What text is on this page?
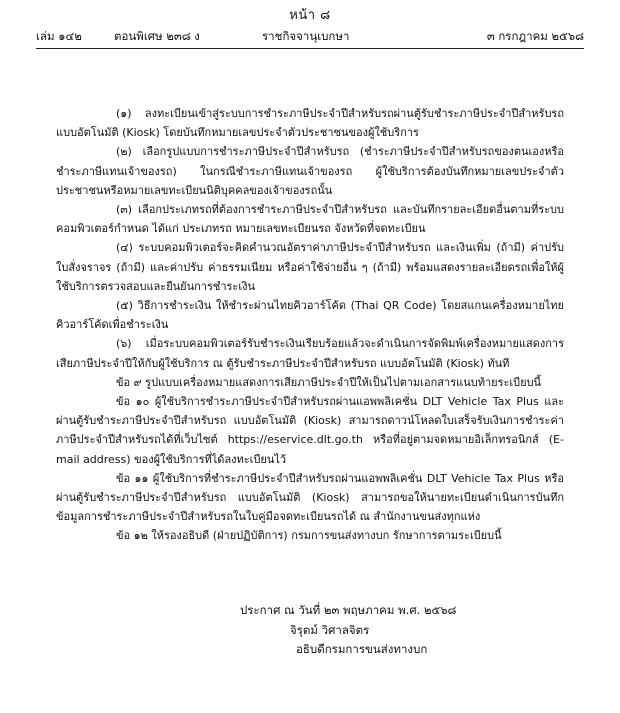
หน้า ๘
เล่ม ๑๔๒	ตอนพิเศษ ๒๓๘ ง	ราชกิจจานุเบกษา	๓ กรกฎาคม ๒๕๖๘

(๑) ลงทะเบียนเข้าสู่ระบบการชำระภาษีประจำปีสำหรับรถผ่านตู้รับชำระภาษีประจำปีสำหรับรถแบบอัตโนมัติ (Kiosk) โดยบันทึกหมายเลขประจำตัวประชาชนของผู้ใช้บริการ

(๒) เลือกรูปแบบการชำระภาษีประจำปีสำหรับรถ (ชำระภาษีประจำปีสำหรับรถของตนเองหรือชำระภาษีแทนเจ้าของรถ) ในกรณีชำระภาษีแทนเจ้าของรถ ผู้ใช้บริการต้องบันทึกหมายเลขประจำตัวประชาชนหรือหมายเลขทะเบียนนิติบุคคลของเจ้าของรถนั้น

(๓) เลือกประเภทรถที่ต้องการชำระภาษีประจำปีสำหรับรถ และบันทึกรายละเอียดอื่นตามที่ระบบคอมพิวเตอร์กำหนด ได้แก่ ประเภทรถ หมายเลขทะเบียนรถ จังหวัดที่จดทะเบียน

(๔) ระบบคอมพิวเตอร์จะคิดคำนวณอัตราค่าภาษีประจำปีสำหรับรถ และเงินเพิ่ม (ถ้ามี) ค่าปรับใบสั่งจราจร (ถ้ามี) และค่าปรับ ค่าธรรมเนียม หรือค่าใช้จ่ายอื่น ๆ (ถ้ามี) พร้อมแสดงรายละเอียดรถเพื่อให้ผู้ใช้บริการตรวจสอบและยืนยันการชำระเงิน

(๕) วิธีการชำระเงิน ให้ชำระผ่านไทยคิวอาร์โค้ด (Thai QR Code) โดยสแกนเครื่องหมายไทยคิวอาร์โค้ดเพื่อชำระเงิน

(๖) เมื่อระบบคอมพิวเตอร์รับชำระเงินเรียบร้อยแล้วจะดำเนินการจัดพิมพ์เครื่องหมายแสดงการเสียภาษีประจำปีให้กับผู้ใช้บริการ ณ ตู้รับชำระภาษีประจำปีสำหรับรถ แบบอัตโนมัติ (Kiosk) ทันที

ข้อ ๙ รูปแบบเครื่องหมายแสดงการเสียภาษีประจำปีให้เป็นไปตามเอกสารแนบท้ายระเบียบนี้

ข้อ ๑๐ ผู้ใช้บริการชำระภาษีประจำปีสำหรับรถผ่านแอพพลิเคชั่น DLT Vehicle Tax Plus และผ่านตู้รับชำระภาษีประจำปีสำหรับรถ แบบอัตโนมัติ (Kiosk) สามารถดาวน์โหลดใบเสร็จรับเงินการชำระค่าภาษีประจำปีสำหรับรถได้ที่เว็บไซต์ https://eservice.dlt.go.th หรือที่อยู่ตามจดหมายอิเล็กทรอนิกส์ (E-mail address) ของผู้ใช้บริการที่ได้ลงทะเบียนไว้

ข้อ ๑๑ ผู้ใช้บริการที่ชำระภาษีประจำปีสำหรับรถผ่านแอพพลิเคชั่น DLT Vehicle Tax Plus หรือผ่านตู้รับชำระภาษีประจำปีสำหรับรถ แบบอัตโนมัติ (Kiosk) สามารถขอให้นายทะเบียนดำเนินการบันทึกข้อมูลการชำระภาษีประจำปีสำหรับรถในใบคู่มือจดทะเบียนรถได้ ณ สำนักงานขนส่งทุกแห่ง

ข้อ ๑๒ ให้รองอธิบดี (ฝ่ายปฏิบัติการ) กรมการขนส่งทางบก รักษาการตามระเบียบนี้

ประกาศ ณ วันที่ ๒๓ พฤษภาคม พ.ศ. ๒๕๖๘
จิรุตม์ วิศาลจิตร
อธิบดีกรมการขนส่งทางบก
